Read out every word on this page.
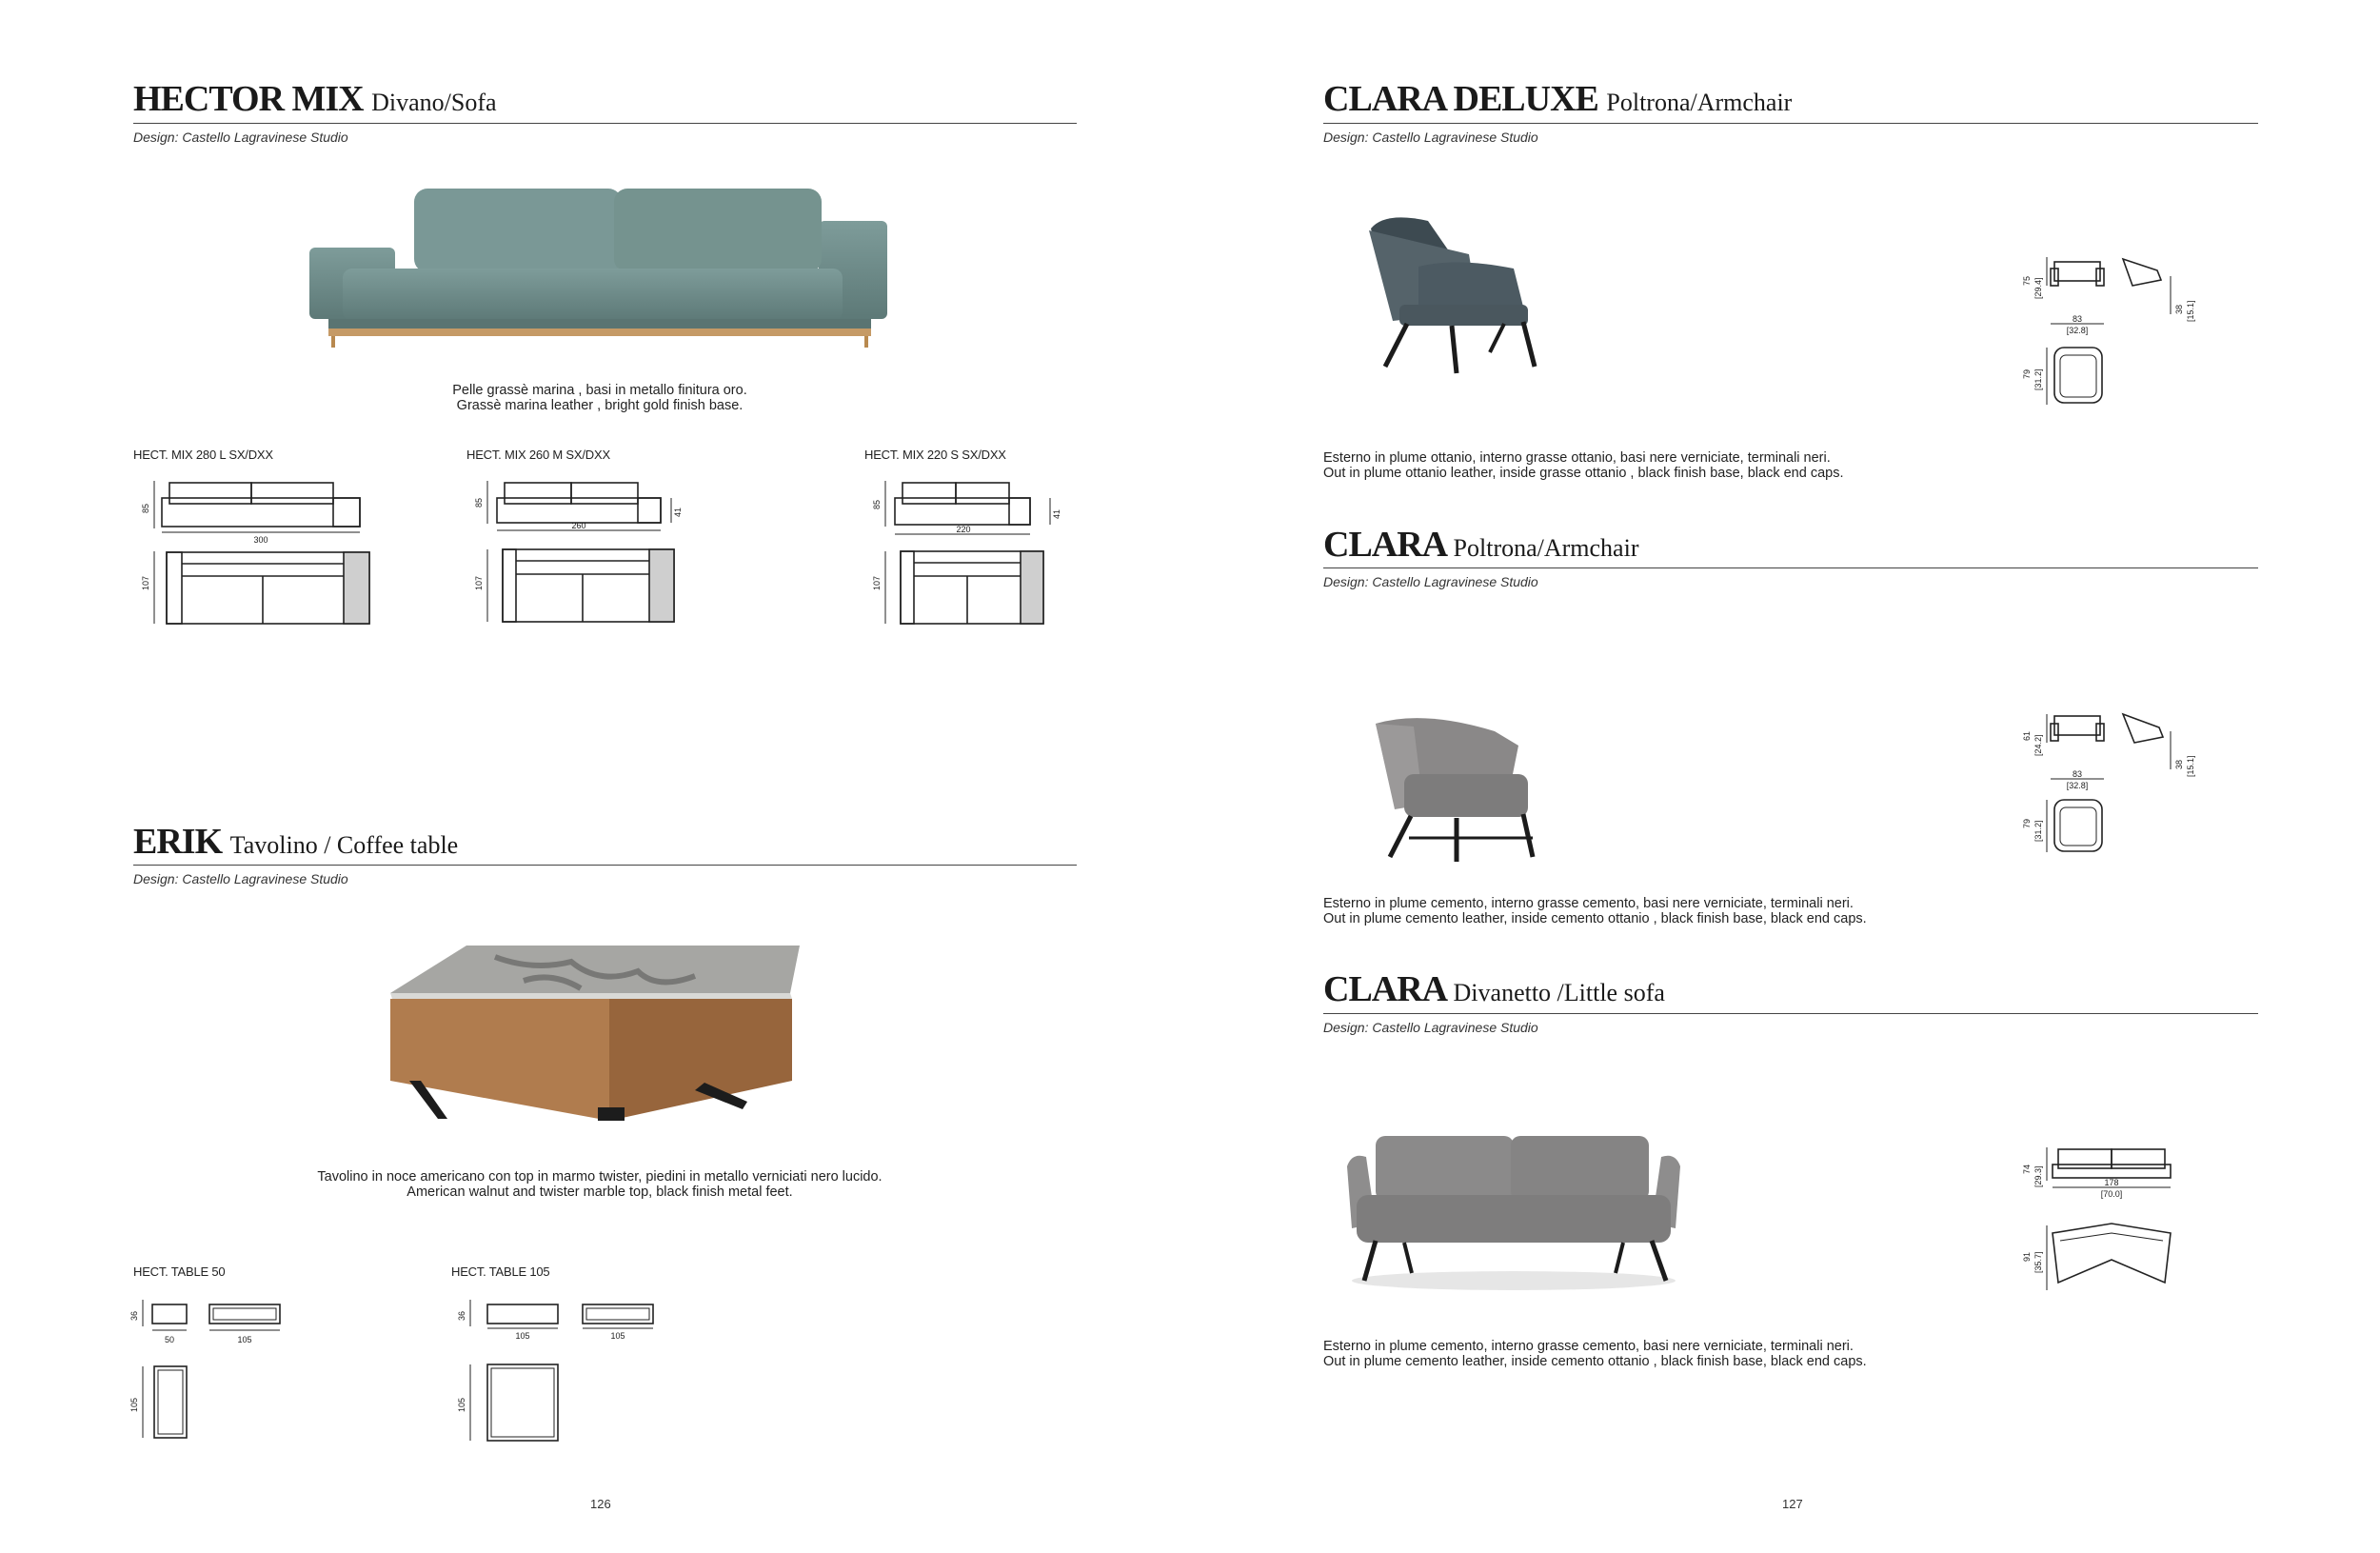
HECTOR MIX Divano/Sofa
Design: Castello Lagravinese Studio
Pelle grassè marina , basi in metallo finitura oro.
Grassè marina leather , bright gold finish base.
HECT. MIX 280 L SX/DXX
85
300
107
HECT. MIX 260 M SX/DXX
85
41
260
107
HECT. MIX 220 S SX/DXX
85
41
220
107
ERIK Tavolino / Coffee table
Design: Castello Lagravinese Studio
Tavolino in noce americano con top in marmo twister, piedini in metallo verniciati nero lucido.
American walnut and twister marble top, black finish metal feet.
HECT. TABLE 50
36
50	105
105
HECT. TABLE 105
36
105	105
105
126
CLARA DELUXE Poltrona/Armchair
Design: Castello Lagravinese Studio
75 [29.4]
83
[32.8]
38 [15.1]
79 [31.2]
Esterno in plume ottanio, interno grasse ottanio, basi nere verniciate, terminali neri.
Out in plume ottanio leather, inside grasse ottanio , black finish base, black end caps.
CLARA Poltrona/Armchair
Design: Castello Lagravinese Studio
61 [24.2]
83
[32.8]
38 [15.1]
79 [31.2]
Esterno in plume cemento, interno grasse cemento, basi nere verniciate, terminali neri.
Out in plume cemento leather, inside cemento ottanio , black finish base, black end caps.
CLARA Divanetto /Little sofa
Design: Castello Lagravinese Studio
74 [29.3]	178
[70.0]
91 [35.7]
Esterno in plume cemento, interno grasse cemento, basi nere verniciate, terminali neri.
Out in plume cemento leather, inside cemento ottanio , black finish base, black end caps.
127
